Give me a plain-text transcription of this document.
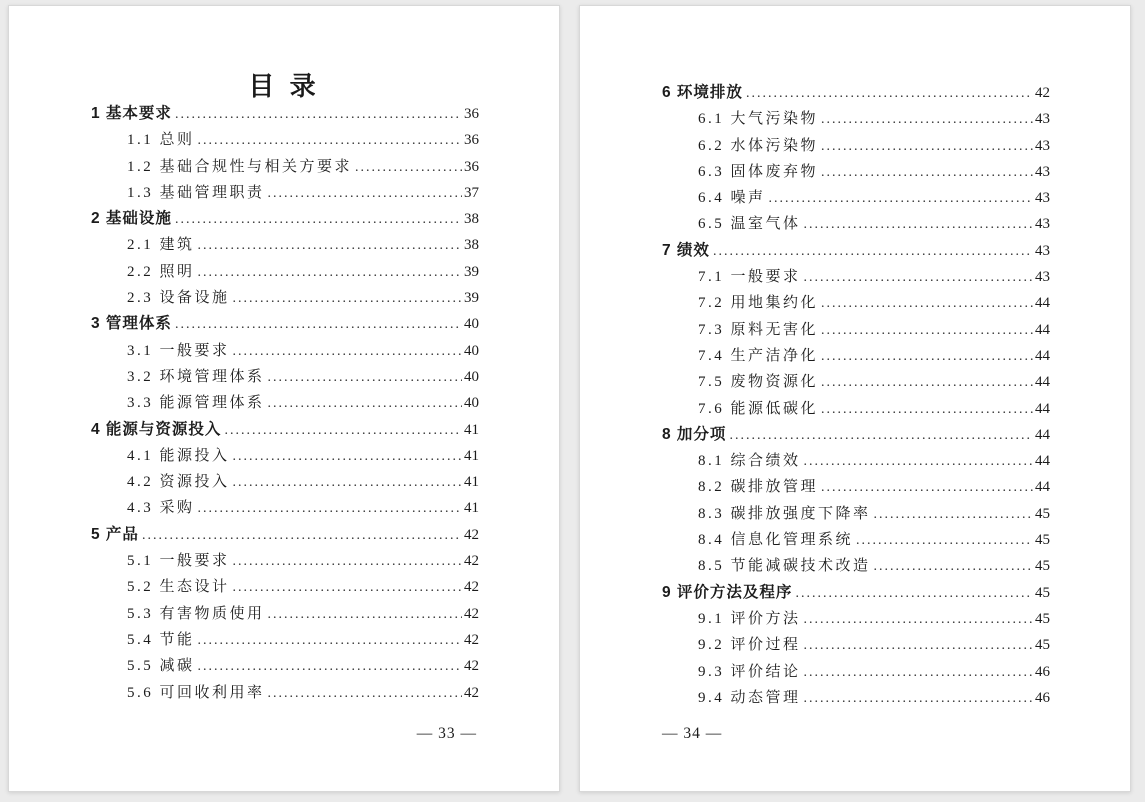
目 录
1 基本要求 .....	36
1.1 总则 .....	36
1.2 基础合规性与相关方要求 .....	36
1.3 基础管理职责 .....	37
2 基础设施 .....	38
2.1 建筑 .....	38
2.2 照明 .....	39
2.3 设备设施 .....	39
3 管理体系 .....	40
3.1 一般要求 .....	40
3.2 环境管理体系 .....	40
3.3 能源管理体系 .....	40
4 能源与资源投入 .....	41
4.1 能源投入 .....	41
4.2 资源投入 .....	41
4.3 采购 .....	41
5 产品 .....	42
5.1 一般要求 .....	42
5.2 生态设计 .....	42
5.3 有害物质使用 .....	42
5.4 节能 .....	42
5.5 减碳 .....	42
5.6 可回收利用率 .....	42
— 33 —
6 环境排放 .....	42
6.1 大气污染物 .....	43
6.2 水体污染物 .....	43
6.3 固体废弃物 .....	43
6.4 噪声 .....	43
6.5 温室气体 .....	43
7 绩效 .....	43
7.1 一般要求 .....	43
7.2 用地集约化 .....	44
7.3 原料无害化 .....	44
7.4 生产洁净化 .....	44
7.5 废物资源化 .....	44
7.6 能源低碳化 .....	44
8 加分项 .....	44
8.1 综合绩效 .....	44
8.2 碳排放管理 .....	44
8.3 碳排放强度下降率 .....	45
8.4 信息化管理系统 .....	45
8.5 节能减碳技术改造 .....	45
9 评价方法及程序 .....	45
9.1 评价方法 .....	45
9.2 评价过程 .....	45
9.3 评价结论 .....	46
9.4 动态管理 .....	46
— 34 —
